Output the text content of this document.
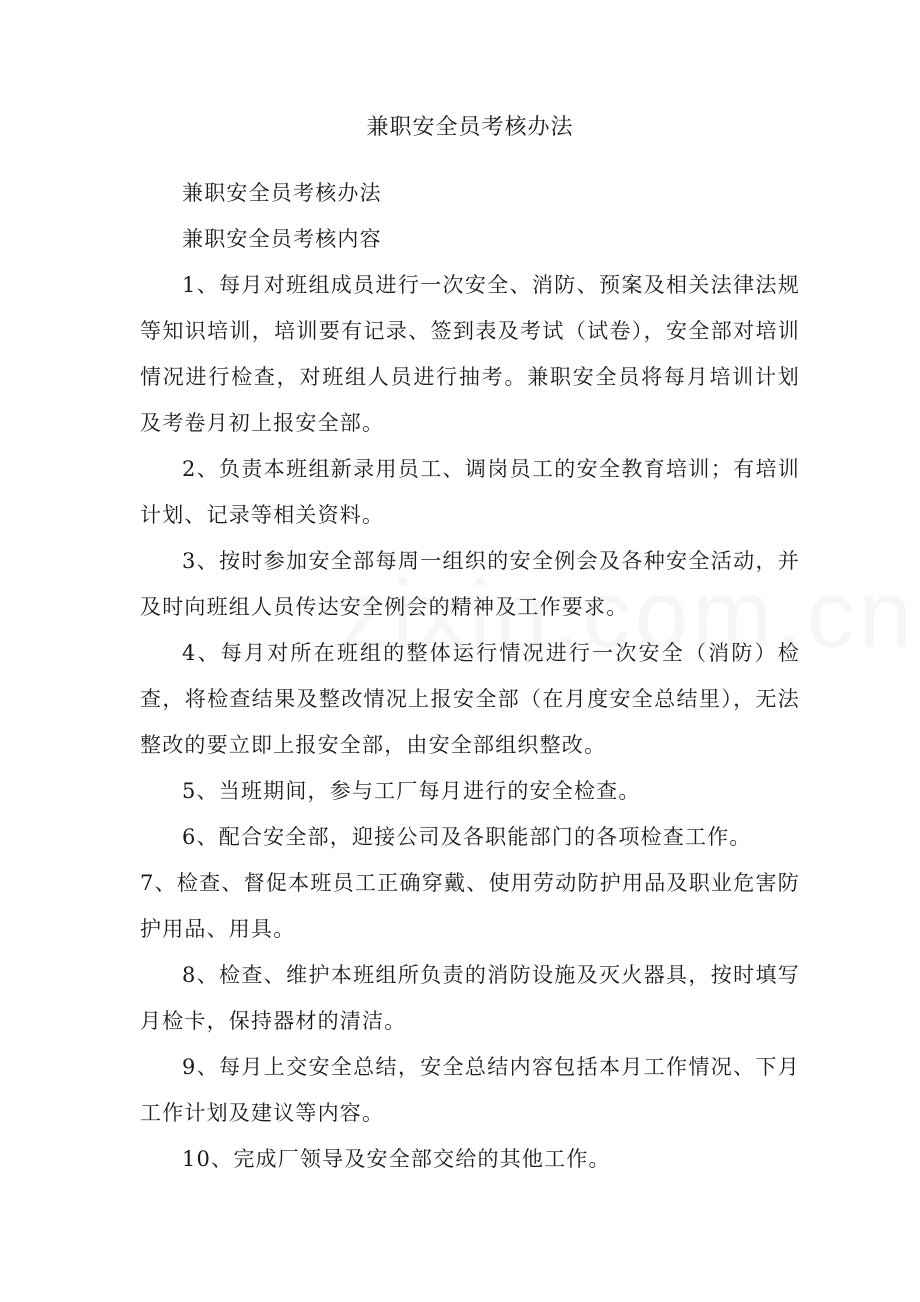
兼职安全员考核办法

兼职安全员考核办法

兼职安全员考核内容

1、每月对班组成员进行一次安全、消防、预案及相关法律法规等知识培训，培训要有记录、签到表及考试（试卷），安全部对培训情况进行检查，对班组人员进行抽考。兼职安全员将每月培训计划及考卷月初上报安全部。

2、负责本班组新录用员工、调岗员工的安全教育培训；有培训计划、记录等相关资料。

3、按时参加安全部每周一组织的安全例会及各种安全活动，并及时向班组人员传达安全例会的精神及工作要求。

4、每月对所在班组的整体运行情况进行一次安全（消防）检查，将检查结果及整改情况上报安全部（在月度安全总结里），无法整改的要立即上报安全部，由安全部组织整改。

5、当班期间，参与工厂每月进行的安全检查。

6、配合安全部，迎接公司及各职能部门的各项检查工作。

7、检查、督促本班员工正确穿戴、使用劳动防护用品及职业危害防护用品、用具。

8、检查、维护本班组所负责的消防设施及灭火器具，按时填写月检卡，保持器材的清洁。

9、每月上交安全总结，安全总结内容包括本月工作情况、下月工作计划及建议等内容。

10、完成厂领导及安全部交给的其他工作。
